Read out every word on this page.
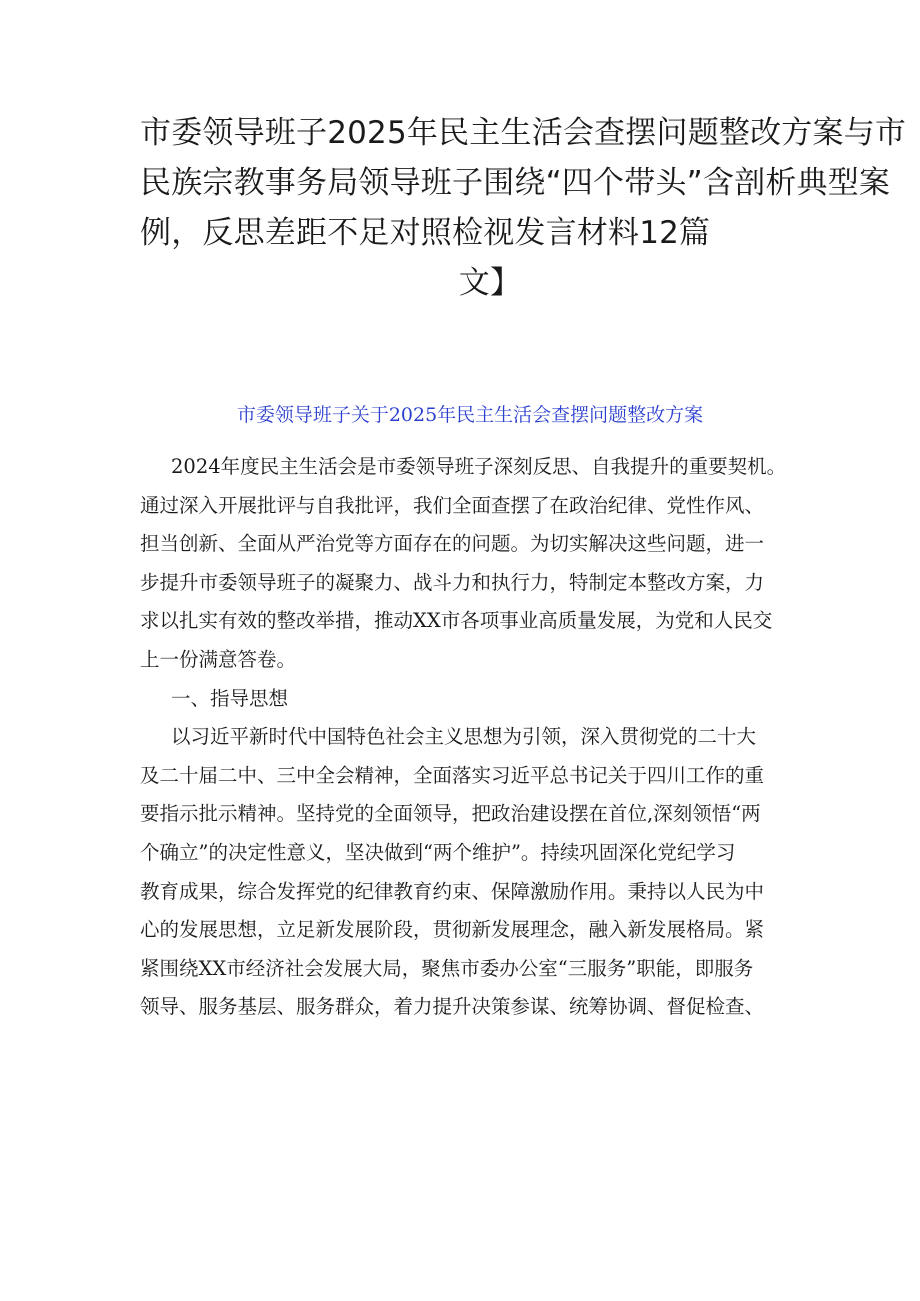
市委领导班子2025年民主生活会查摆问题整改方案与市
民族宗教事务局领导班子围绕“四个带头”含剖析典型案
例，反思差距不足对照检视发言材料12篇
文】
市委领导班子关于2025年民主生活会查摆问题整改方案

2024年度民主生活会是市委领导班子深刻反思、自我提升的重要契机。
通过深入开展批评与自我批评，我们全面查摆了在政治纪律、党性作风、
担当创新、全面从严治党等方面存在的问题。为切实解决这些问题，进一
步提升市委领导班子的凝聚力、战斗力和执行力，特制定本整改方案，力
求以扎实有效的整改举措，推动XX市各项事业高质量发展，为党和人民交
上一份满意答卷。

一、指导思想

以习近平新时代中国特色社会主义思想为引领，深入贯彻党的二十大
及二十届二中、三中全会精神，全面落实习近平总书记关于四川工作的重
要指示批示精神。坚持党的全面领导，把政治建设摆在首位,深刻领悟“两
个确立”的决定性意义，坚决做到“两个维护”。持续巩固深化党纪学习
教育成果，综合发挥党的纪律教育约束、保障激励作用。秉持以人民为中
心的发展思想，立足新发展阶段，贯彻新发展理念，融入新发展格局。紧
紧围绕XX市经济社会发展大局，聚焦市委办公室“三服务”职能，即服务
领导、服务基层、服务群众，着力提升决策参谋、统筹协调、督促检查、
